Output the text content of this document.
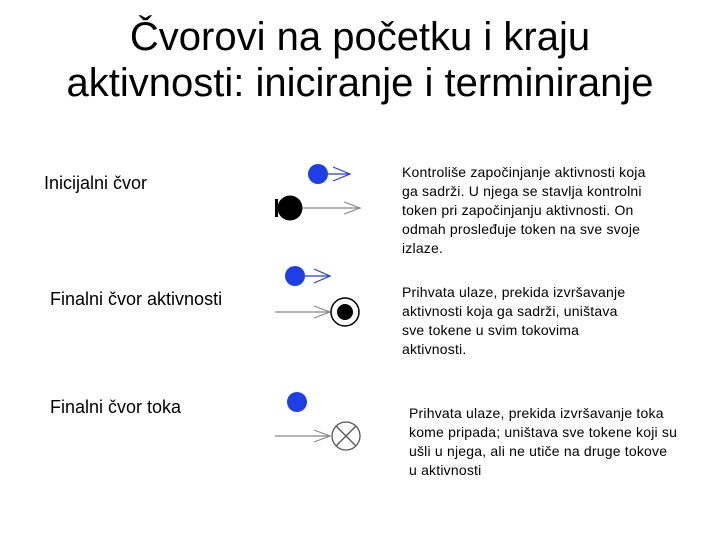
Čvorovi na početku i kraju
aktivnosti: iniciranje i terminiranje
Inicijalni čvor
Finalni čvor aktivnosti
Finalni čvor toka
Kontroliše započinjanje aktivnosti koja ga sadrži. U njega se stavlja kontrolni token pri započinjanju aktivnosti. On odmah prosleđuje token na sve svoje izlaze.
Prihvata ulaze, prekida izvršavanje aktivnosti koja ga sadrži, uništava sve tokene u svim tokovima aktivnosti.
Prihvata ulaze, prekida izvršavanje toka kome pripada; uništava sve tokene koji su ušli u njega, ali ne utiče na druge tokove u aktivnosti
